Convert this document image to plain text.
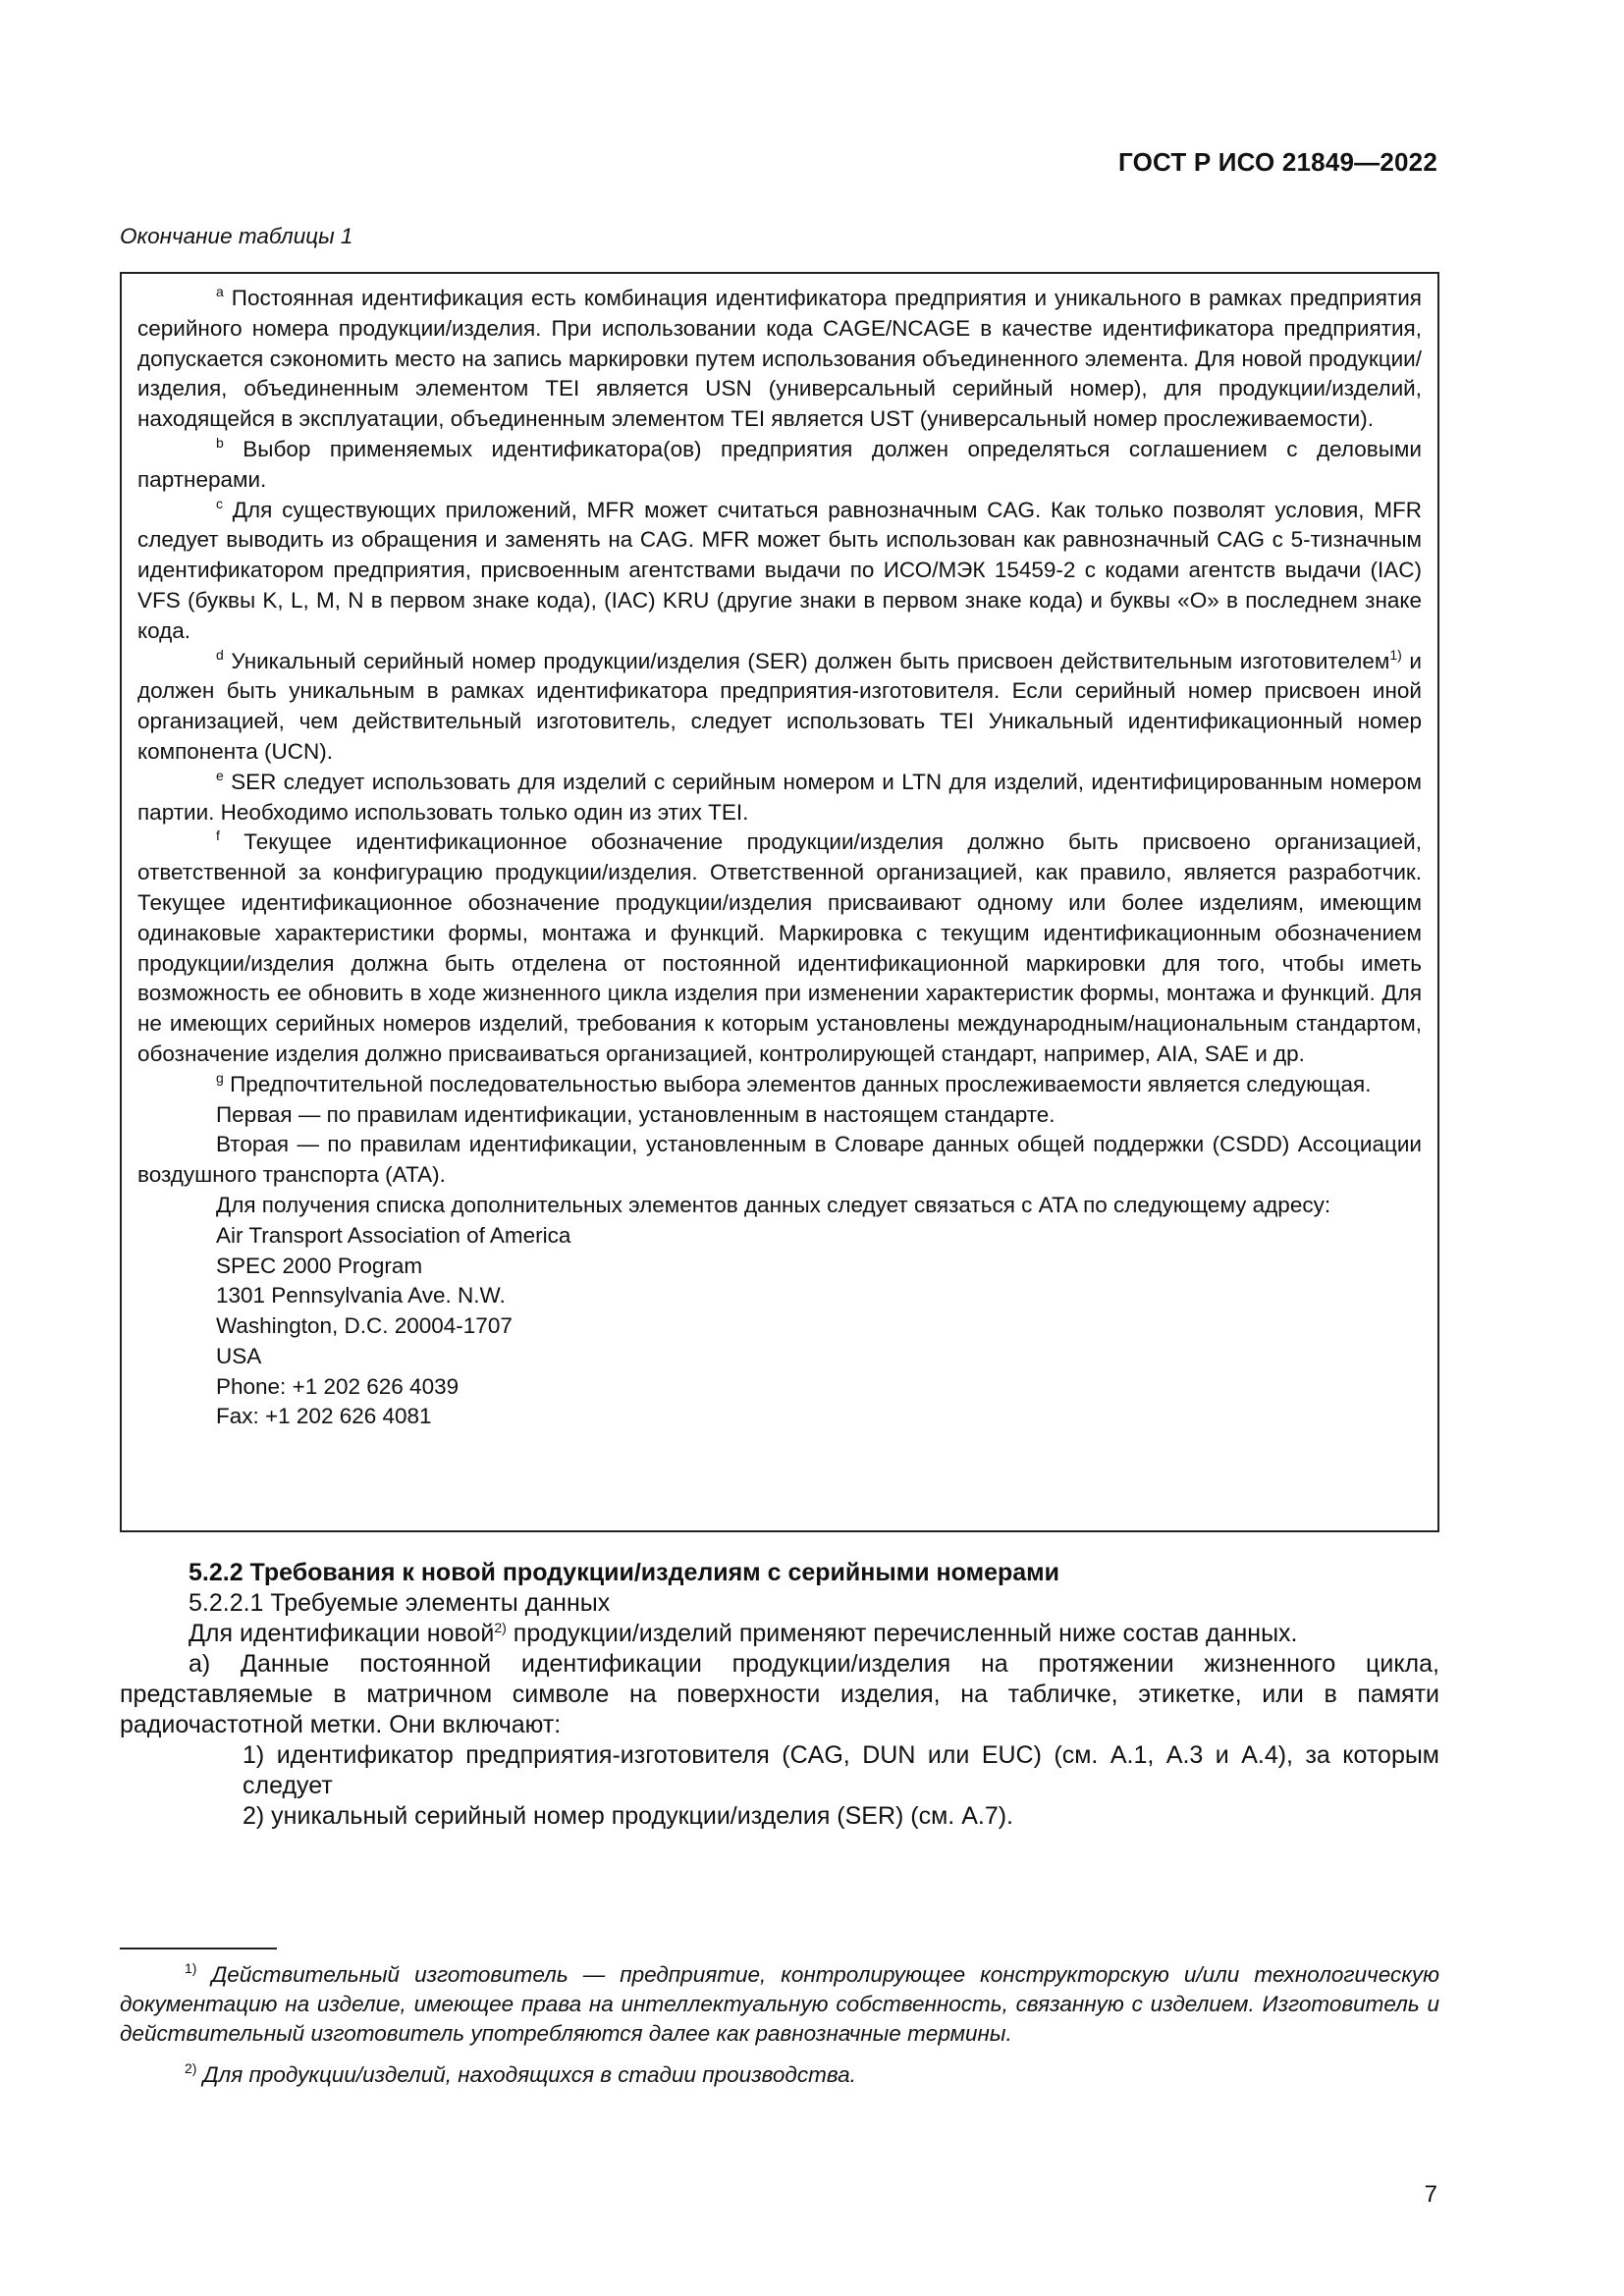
ГОСТ Р ИСО 21849—2022
Окончание таблицы 1

$^a$ Постоянная идентификация есть комбинация идентификатора предприятия и уникального в рамках предприятия серийного номера продукции/изделия. При использовании кода CAGE/NCAGE в качестве идентификатора предприятия, допускается сэкономить место на запись маркировки путем использования объединенного элемента. Для новой продукции/изделия, объединенным элементом TEI является USN (универсальный серийный номер), для продукции/изделий, находящейся в эксплуатации, объединенным элементом TEI является UST (универсальный номер прослеживаемости).

$^b$ Выбор применяемых идентификатора(ов) предприятия должен определяться соглашением с деловыми партнерами.

$^c$ Для существующих приложений, MFR может считаться равнозначным CAG. Как только позволят условия, MFR следует выводить из обращения и заменять на CAG. MFR может быть использован как равнозначный CAG с 5-тизначным идентификатором предприятия, присвоенным агентствами выдачи по ИСО/МЭК 15459-2 с кодами агентств выдачи (IAC) VFS (буквы K, L, M, N в первом знаке кода), (IAC) KRU (другие знаки в первом знаке кода) и буквы «O» в последнем знаке кода.

$^d$ Уникальный серийный номер продукции/изделия (SER) должен быть присвоен действительным изготовителем$^{1)}$ и должен быть уникальным в рамках идентификатора предприятия-изготовителя. Если серийный номер присвоен иной организацией, чем действительный изготовитель, следует использовать TEI Уникальный идентификационный номер компонента (UCN).

$^e$ SER следует использовать для изделий с серийным номером и LTN для изделий, идентифицированным номером партии. Необходимо использовать только один из этих TEI.

$^f$ Текущее идентификационное обозначение продукции/изделия должно быть присвоено организацией, ответственной за конфигурацию продукции/изделия. Ответственной организацией, как правило, является разработчик. Текущее идентификационное обозначение продукции/изделия присваивают одному или более изделиям, имеющим одинаковые характеристики формы, монтажа и функций. Маркировка с текущим идентификационным обозначением продукции/изделия должна быть отделена от постоянной идентификационной маркировки для того, чтобы иметь возможность ее обновить в ходе жизненного цикла изделия при изменении характеристик формы, монтажа и функций. Для не имеющих серийных номеров изделий, требования к которым установлены международным/национальным стандартом, обозначение изделия должно присваиваться организацией, контролирующей стандарт, например, AIA, SAE и др.

$^g$ Предпочтительной последовательностью выбора элементов данных прослеживаемости является следующая.

Первая — по правилам идентификации, установленным в настоящем стандарте.

Вторая — по правилам идентификации, установленным в Словаре данных общей поддержки (CSDD) Ассоциации воздушного транспорта (ATA).

Для получения списка дополнительных элементов данных следует связаться с ATA по следующему адресу:

Air Transport Association of America

SPEC 2000 Program

1301 Pennsylvania Ave. N.W.

Washington, D.C. 20004-1707

USA

Phone: +1 202 626 4039

Fax: +1 202 626 4081

5.2.2 Требования к новой продукции/изделиям с серийными номерами

5.2.2.1 Требуемые элементы данных

Для идентификации новой$^{2)}$ продукции/изделий применяют перечисленный ниже состав данных.

а) Данные постоянной идентификации продукции/изделия на протяжении жизненного цикла, представляемые в матричном символе на поверхности изделия, на табличке, этикетке, или в памяти радиочастотной метки. Они включают:

1) идентификатор предприятия-изготовителя (CAG, DUN или EUC) (см. А.1, А.3 и А.4), за которым следует

2) уникальный серийный номер продукции/изделия (SER) (см. А.7).

$^{1)}$ Действительный изготовитель — предприятие, контролирующее конструкторскую и/или технологическую документацию на изделие, имеющее права на интеллектуальную собственность, связанную с изделием. Изготовитель и действительный изготовитель употребляются далее как равнозначные термины.

$^{2)}$ Для продукции/изделий, находящихся в стадии производства.

7
